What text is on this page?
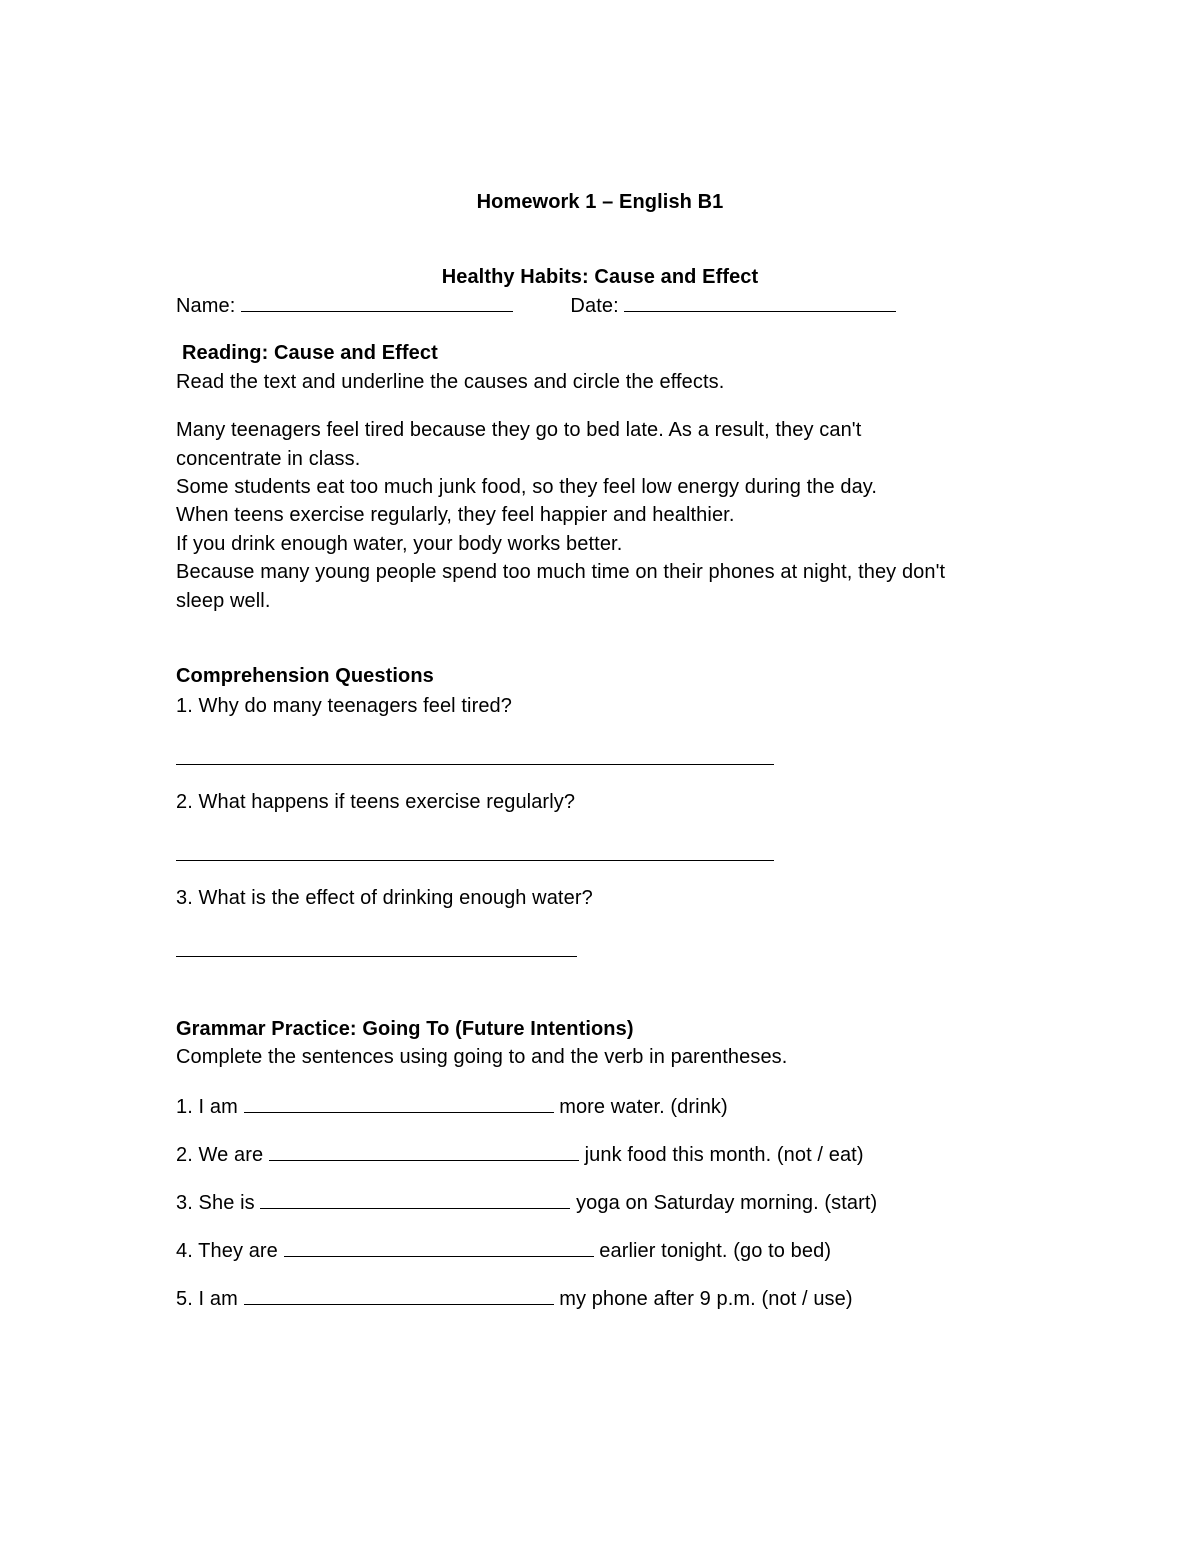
Homework 1 – English B1
Healthy Habits: Cause and Effect
Name:	Date:
Reading: Cause and Effect
Read the text and underline the causes and circle the effects.
Many teenagers feel tired because they go to bed late. As a result, they can't
concentrate in class.
Some students eat too much junk food, so they feel low energy during the day.
When teens exercise regularly, they feel happier and healthier.
If you drink enough water, your body works better.
Because many young people spend too much time on their phones at night, they don't
sleep well.
Comprehension Questions
1. Why do many teenagers feel tired?
2. What happens if teens exercise regularly?
3. What is the effect of drinking enough water?
Grammar Practice: Going To (Future Intentions)
Complete the sentences using going to and the verb in parentheses.
1. I am	more water. (drink)
2. We are	junk food this month. (not / eat)
3. She is	yoga on Saturday morning. (start)
4. They are	earlier tonight. (go to bed)
5. I am	my phone after 9 p.m. (not / use)
